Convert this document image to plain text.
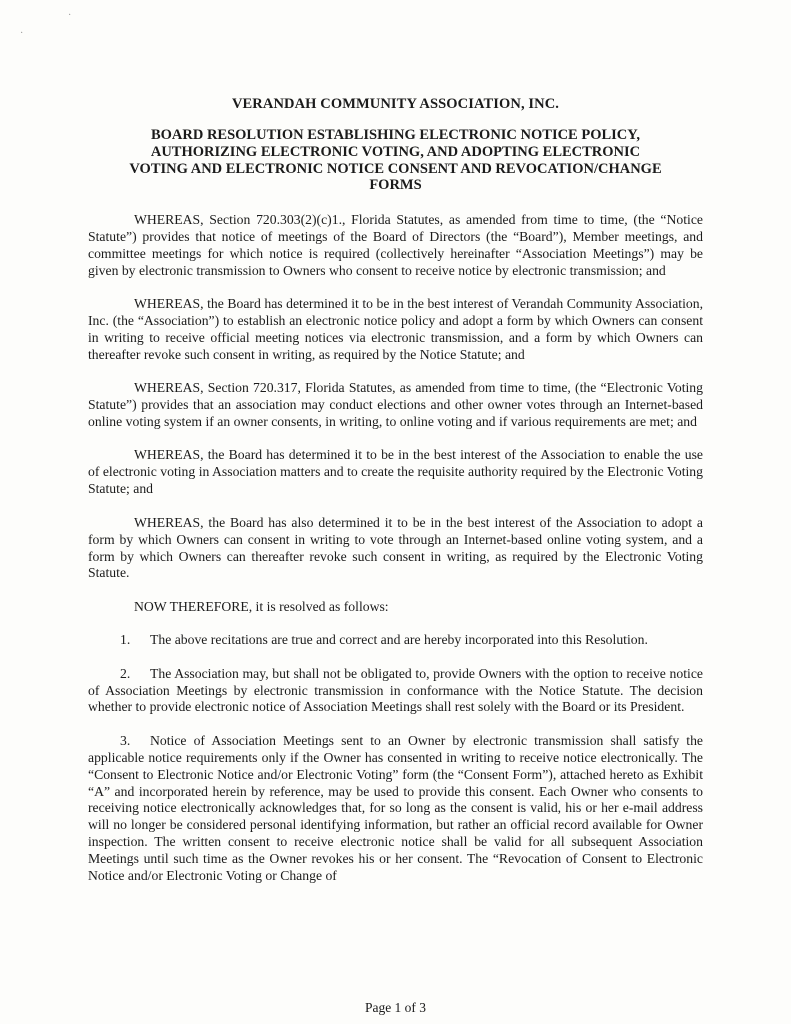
·
·
VERANDAH COMMUNITY ASSOCIATION, INC.
BOARD RESOLUTION ESTABLISHING ELECTRONIC NOTICE POLICY, AUTHORIZING ELECTRONIC VOTING, AND ADOPTING ELECTRONIC VOTING AND ELECTRONIC NOTICE CONSENT AND REVOCATION/CHANGE FORMS

WHEREAS, Section 720.303(2)(c)1., Florida Statutes, as amended from time to time, (the “Notice Statute”) provides that notice of meetings of the Board of Directors (the “Board”), Member meetings, and committee meetings for which notice is required (collectively hereinafter “Association Meetings”) may be given by electronic transmission to Owners who consent to receive notice by electronic transmission; and

WHEREAS, the Board has determined it to be in the best interest of Verandah Community Association, Inc. (the “Association”) to establish an electronic notice policy and adopt a form by which Owners can consent in writing to receive official meeting notices via electronic transmission, and a form by which Owners can thereafter revoke such consent in writing, as required by the Notice Statute; and

WHEREAS, Section 720.317, Florida Statutes, as amended from time to time, (the “Electronic Voting Statute”) provides that an association may conduct elections and other owner votes through an Internet-based online voting system if an owner consents, in writing, to online voting and if various requirements are met; and

WHEREAS, the Board has determined it to be in the best interest of the Association to enable the use of electronic voting in Association matters and to create the requisite authority required by the Electronic Voting Statute; and

WHEREAS, the Board has also determined it to be in the best interest of the Association to adopt a form by which Owners can consent in writing to vote through an Internet-based online voting system, and a form by which Owners can thereafter revoke such consent in writing, as required by the Electronic Voting Statute.

NOW THEREFORE, it is resolved as follows:

1. The above recitations are true and correct and are hereby incorporated into this Resolution.

2. The Association may, but shall not be obligated to, provide Owners with the option to receive notice of Association Meetings by electronic transmission in conformance with the Notice Statute. The decision whether to provide electronic notice of Association Meetings shall rest solely with the Board or its President.

3. Notice of Association Meetings sent to an Owner by electronic transmission shall satisfy the applicable notice requirements only if the Owner has consented in writing to receive notice electronically. The “Consent to Electronic Notice and/or Electronic Voting” form (the “Consent Form”), attached hereto as Exhibit “A” and incorporated herein by reference, may be used to provide this consent. Each Owner who consents to receiving notice electronically acknowledges that, for so long as the consent is valid, his or her e-mail address will no longer be considered personal identifying information, but rather an official record available for Owner inspection. The written consent to receive electronic notice shall be valid for all subsequent Association Meetings until such time as the Owner revokes his or her consent. The “Revocation of Consent to Electronic Notice and/or Electronic Voting or Change of

Page 1 of 3
